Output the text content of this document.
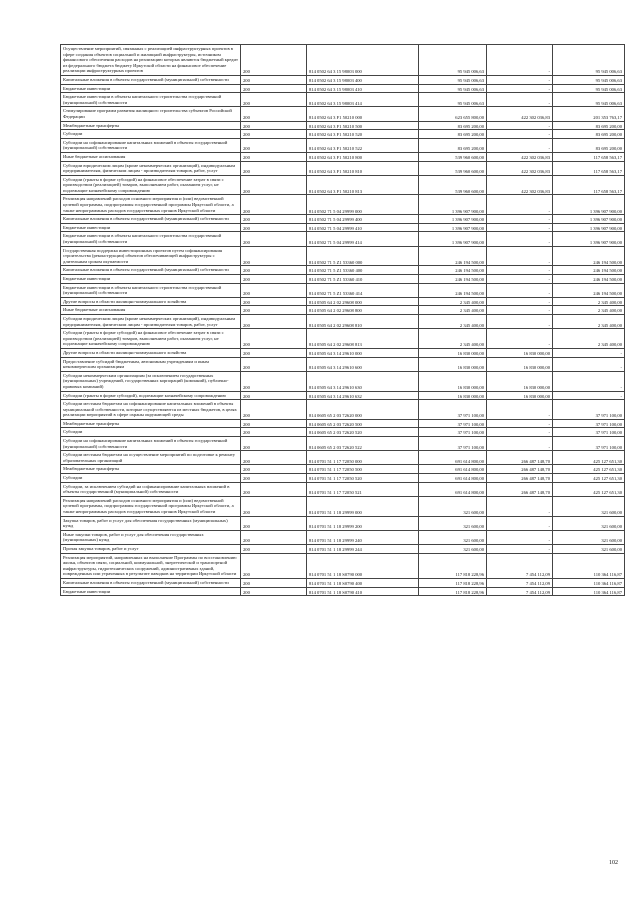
Осуществление мероприятий, связанных с реализацией инфраструктурных проектов в сфере создания объектов социальной и жилищной инфраструктуры, источником финансового обеспечения расходов на реализацию которых являются бюджетный кредит из федерального бюджета бюджету Иркутской области на финансовое обеспечение реализации инфраструктурных проектов	200	814 0502 64 3 15 98003 000	95 945 006,63	-	95 945 006,63
Капитальные вложения в объекты государственной (муниципальной) собственности	200	814 0502 64 3 15 98003 400	95 945 006,63	-	95 945 006,63
Бюджетные инвестиции	200	814 0502 64 3 15 98003 410	95 945 006,63	-	95 945 006,63
Бюджетные инвестиции в объекты капитального строительства государственной (муниципальной) собственности	200	814 0502 64 3 15 98003 414	95 945 006,63	-	95 945 006,63
Стимулирование программ развития жилищного строительства субъектов Российской Федерации	200	814 0502 64 3 F1 50210 000	623 655 800,00	422 302 036,83	201 353 763,17
Межбюджетные трансферты	200	814 0502 64 3 F1 50210 500	83 695 200,00	-	83 695 200,00
Субсидии	200	814 0502 64 3 F1 50210 520	83 695 200,00	-	83 695 200,00
Субсидии на софинансирование капитальных вложений в объекты государственной (муниципальной) собственности	200	814 0502 64 3 F1 50210 522	83 695 200,00	-	83 695 200,00
Иные бюджетные ассигнования	200	814 0502 64 3 F1 50210 800	539 960 600,00	422 302 036,83	117 658 563,17
Субсидии юридическим лицам (кроме некоммерческих организаций), индивидуальным предпринимателям, физическим лицам - производителям товаров, работ, услуг	200	814 0502 64 3 F1 50210 810	539 960 600,00	422 302 036,83	117 658 563,17
Субсидии (гранты в форме субсидий) на финансовое обеспечение затрат в связи с производством (реализацией) товаров, выполнением работ, оказанием услуг, не подлежащие казначейскому сопровождению	200	814 0502 64 3 F1 50210 813	539 960 600,00	422 302 036,83	117 658 563,17
Реализация направлений расходов основного мероприятия и (или) ведомственной целевой программы, подпрограммы государственной программы Иркутской области, а также непрограммных расходов государственных органов Иркутской области	200	814 0502 71 5 04 29999 000	1 396 907 900,00	-	1 396 907 900,00
Капитальные вложения в объекты государственной (муниципальной) собственности	200	814 0502 71 5 04 29999 400	1 396 907 900,00	-	1 396 907 900,00
Бюджетные инвестиции	200	814 0502 71 5 04 29999 410	1 396 907 900,00	-	1 396 907 900,00
Бюджетные инвестиции в объекты капитального строительства государственной (муниципальной) собственности	200	814 0502 71 5 04 29999 414	1 396 907 900,00	-	1 396 907 900,00
Государственная поддержка инвестиционных проектов путем софинансирования строительства (реконструкции) объектов обеспечивающей инфраструктуры с длительным сроком окупаемости	200	814 0502 71 5 Z1 53360 000	246 194 500,00	-	246 194 500,00
Капитальные вложения в объекты государственной (муниципальной) собственности	200	814 0502 71 5 Z1 53360 400	246 194 500,00	-	246 194 500,00
Бюджетные инвестиции	200	814 0502 71 5 Z1 53360 410	246 194 500,00	-	246 194 500,00
Бюджетные инвестиции в объекты капитального строительства государственной (муниципальной) собственности	200	814 0502 71 5 Z1 53360 414	246 194 500,00	-	246 194 500,00
Другие вопросы в области жилищно-коммунального хозяйства	200	814 0505 64 2 02 29608 000	2 345 400,00	-	2 345 400,00
Иные бюджетные ассигнования	200	814 0505 64 2 02 29608 800	2 345 400,00	-	2 345 400,00
Субсидии юридическим лицам (кроме некоммерческих организаций), индивидуальным предпринимателям, физическим лицам - производителям товаров, работ, услуг	200	814 0505 64 2 02 29608 810	2 345 400,00	-	2 345 400,00
Субсидии (гранты в форме субсидий) на финансовое обеспечение затрат в связи с производством (реализацией) товаров, выполнением работ, оказанием услуг, не подлежащие казначейскому сопровождению	200	814 0505 64 2 02 29608 813	2 345 400,00	-	2 345 400,00
Другие вопросы в области жилищно-коммунального хозяйства	200	814 0505 64 3 14 29610 000	16 830 000,00	16 830 000,00	-
Предоставление субсидий бюджетным, автономным учреждениям и иным некоммерческим организациям	200	814 0505 64 3 14 29610 600	16 830 000,00	16 830 000,00	-
Субсидии некоммерческим организациям (за исключением государственных (муниципальных) учреждений, государственных корпораций (компаний), публично-правовых компаний)	200	814 0505 64 3 14 29610 630	16 830 000,00	16 830 000,00	-
Субсидии (гранты в форме субсидий), подлежащие казначейскому сопровождению	200	814 0505 64 3 14 29610 632	16 830 000,00	16 830 000,00	-
Субсидии местным бюджетам на софинансирование капитальных вложений в объекты муниципальной собственности, которые осуществляются из местных бюджетов, в целях реализации мероприятий в сфере охраны окружающей среды	200	814 0605 65 2 03 72620 000	37 971 100,00	-	37 971 100,00
Межбюджетные трансферты	200	814 0605 65 2 03 72620 500	37 971 100,00	-	37 971 100,00
Субсидии	200	814 0605 65 2 03 72620 520	37 971 100,00	-	37 971 100,00
Субсидии на софинансирование капитальных вложений в объекты государственной (муниципальной) собственности	200	814 0605 65 2 03 72620 522	37 971 100,00	-	37 971 100,00
Субсидии местным бюджетам на осуществление мероприятий по подготовке к ремонту образовательных организаций	200	814 0701 51 1 17 72050 000	691 614 800,00	266 487 148,70	425 127 651,30
Межбюджетные трансферты	200	814 0701 51 1 17 72050 500	691 614 800,00	266 487 148,70	425 127 651,30
Субсидии	200	814 0701 51 1 17 72050 520	691 614 800,00	266 487 148,70	425 127 651,30
Субсидии, за исключением субсидий на софинансирование капитальных вложений в объекты государственной (муниципальной) собственности	200	814 0701 51 1 17 72050 521	691 614 800,00	266 487 148,70	425 127 651,30
Реализация направлений расходов основного мероприятия и (или) ведомственной целевой программы, подпрограммы государственной программы Иркутской области, а также непрограммных расходов государственных органов Иркутской области	200	814 0701 51 1 18 29999 000	321 600,00	-	321 600,00
Закупка товаров, работ и услуг для обеспечения государственных (муниципальных) нужд	200	814 0701 51 1 18 29999 200	321 600,00	-	321 600,00
Иные закупки товаров, работ и услуг для обеспечения государственных (муниципальных) нужд	200	814 0701 51 1 18 29999 240	321 600,00	-	321 600,00
Прочая закупка товаров, работ и услуг	200	814 0701 51 1 18 29999 244	321 600,00	-	321 600,00
Реализация мероприятий, направленных на выполнение Программы по восстановлению жилья, объектов связи, социальной, коммунальной, энергетической и транспортной инфраструктуры, гидротехнических сооружений, административных зданий, поврежденных или утраченных в результате паводков на территории Иркутской области	200	814 0701 51 1 18 S0790 000	117 818 228,96	7 454 112,09	110 364 116,87
Капитальные вложения в объекты государственной (муниципальной) собственности	200	814 0701 51 1 18 S0790 400	117 818 228,96	7 454 112,09	110 364 116,87
Бюджетные инвестиции	200	814 0701 51 1 18 S0790 410	117 818 228,96	7 454 112,09	110 364 116,87
102
